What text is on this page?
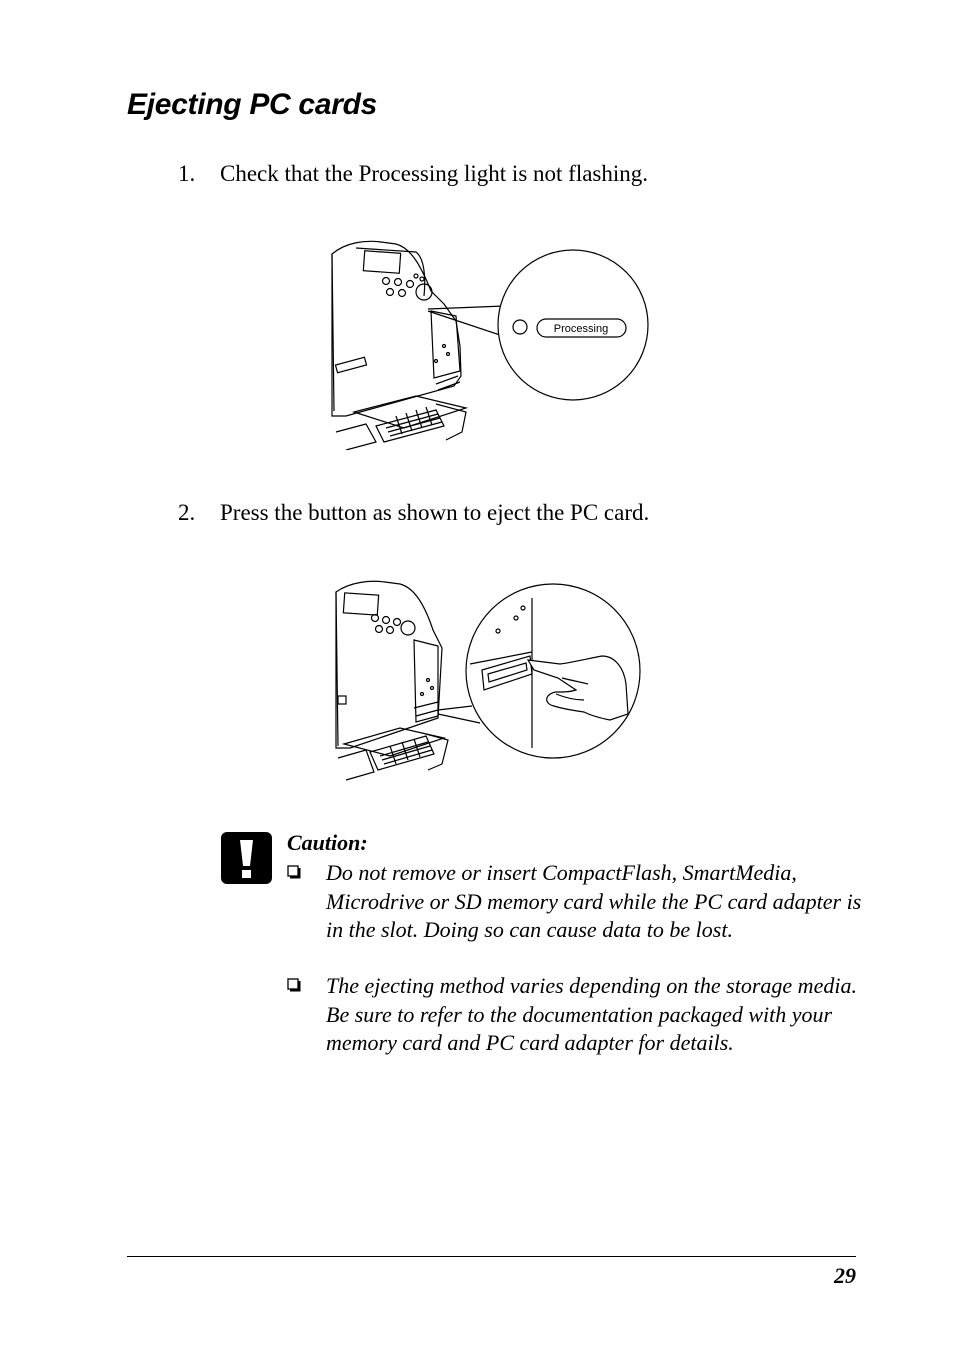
Ejecting PC cards
1. Check that the Processing light is not flashing.
Processing
2. Press the button as shown to eject the PC card.
Caution:
Do not remove or insert CompactFlash, SmartMedia, Microdrive or SD memory card while the PC card adapter is in the slot. Doing so can cause data to be lost.
The ejecting method varies depending on the storage media. Be sure to refer to the documentation packaged with your memory card and PC card adapter for details.
29
